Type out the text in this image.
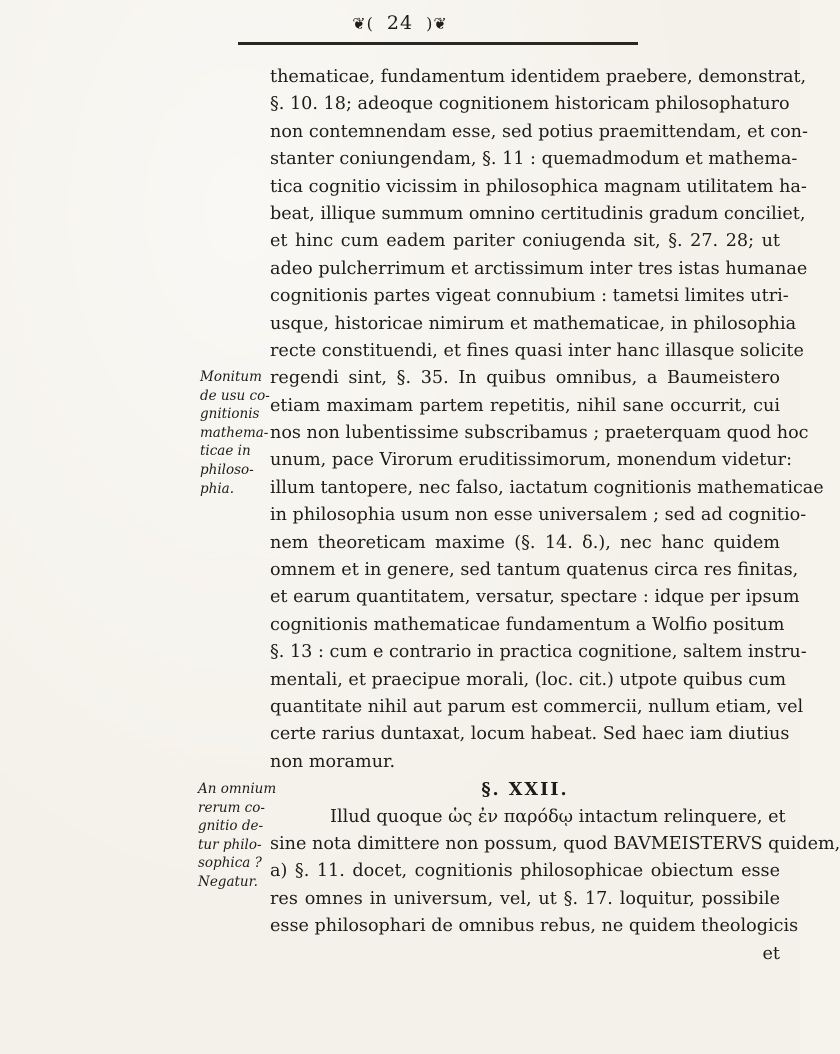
❦( 24 )❦
Monitum
de usu co-
gnitionis
mathema-
ticae in
philoso-
phia.
An omnium
rerum co-
gnitio de-
tur philo-
sophica ?
Negatur.
thematicae, fundamentum identidem praebere, demonstrat,
§. 10. 18; adeoque cognitionem historicam philosophaturo
non contemnendam esse, sed potius praemittendam, et con-
stanter coniungendam, §. 11 : quemadmodum et mathema-
tica cognitio vicissim in philosophica magnam utilitatem ha-
beat, illique summum omnino certitudinis gradum conciliet,
et hinc cum eadem pariter coniugenda sit, §. 27. 28; ut
adeo pulcherrimum et arctissimum inter tres istas humanae
cognitionis partes vigeat connubium : tametsi limites utri-
usque, historicae nimirum et mathematicae, in philosophia
recte constituendi, et fines quasi inter hanc illasque solicite
regendi sint, §. 35. In quibus omnibus, a Baumeistero
etiam maximam partem repetitis, nihil sane occurrit, cui
nos non lubentissime subscribamus ; praeterquam quod hoc
unum, pace Virorum eruditissimorum, monendum videtur:
illum tantopere, nec falso, iactatum cognitionis mathematicae
in philosophia usum non esse universalem ; sed ad cognitio-
nem theoreticam maxime (§. 14. δ.), nec hanc quidem
omnem et in genere, sed tantum quatenus circa res finitas,
et earum quantitatem, versatur, spectare : idque per ipsum
cognitionis mathematicae fundamentum a Wolfio positum
§. 13 : cum e contrario in practica cognitione, saltem instru-
mentali, et praecipue morali, (loc. cit.) utpote quibus cum
quantitate nihil aut parum est commercii, nullum etiam, vel
certe rarius duntaxat, locum habeat. Sed haec iam diutius
non moramur.
§. XXII.
Illud quoque ὡς ἐν παρόδῳ intactum relinquere, et
sine nota dimittere non possum, quod BAVMEISTERVS quidem,
a) §. 11. docet, cognitionis philosophicae obiectum esse
res omnes in universum, vel, ut §. 17. loquitur, possibile
esse philosophari de omnibus rebus, ne quidem theologicis
et
